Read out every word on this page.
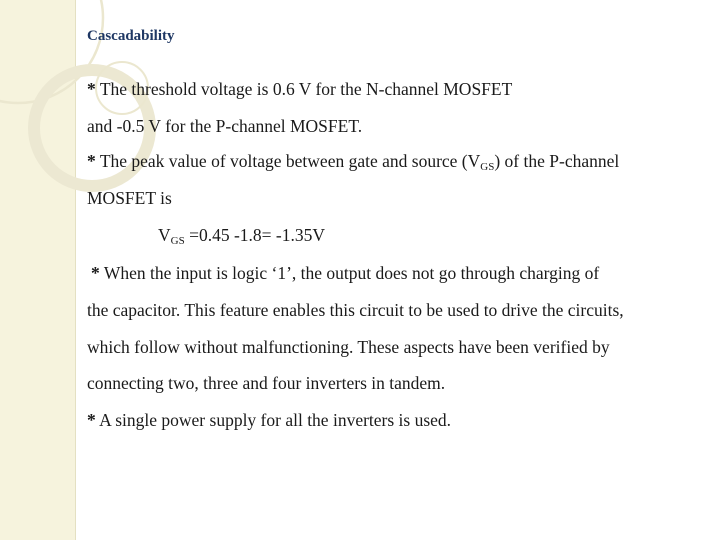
Cascadability
* The threshold voltage is 0.6 V for the N-channel MOSFET
and -0.5 V for the P-channel MOSFET.
* The peak value of voltage between gate and source $(V_{GS})$ of the P-channel
MOSFET is
$V_{GS} =0.45$ -1.8= -1.35V
* When the input is logic ‘1’, the output does not go through charging of
the capacitor. This feature enables this circuit to be used to drive the circuits,
which follow without malfunctioning. These aspects have been verified by
connecting two, three and four inverters in tandem.
* A single power supply for all the inverters is used.
